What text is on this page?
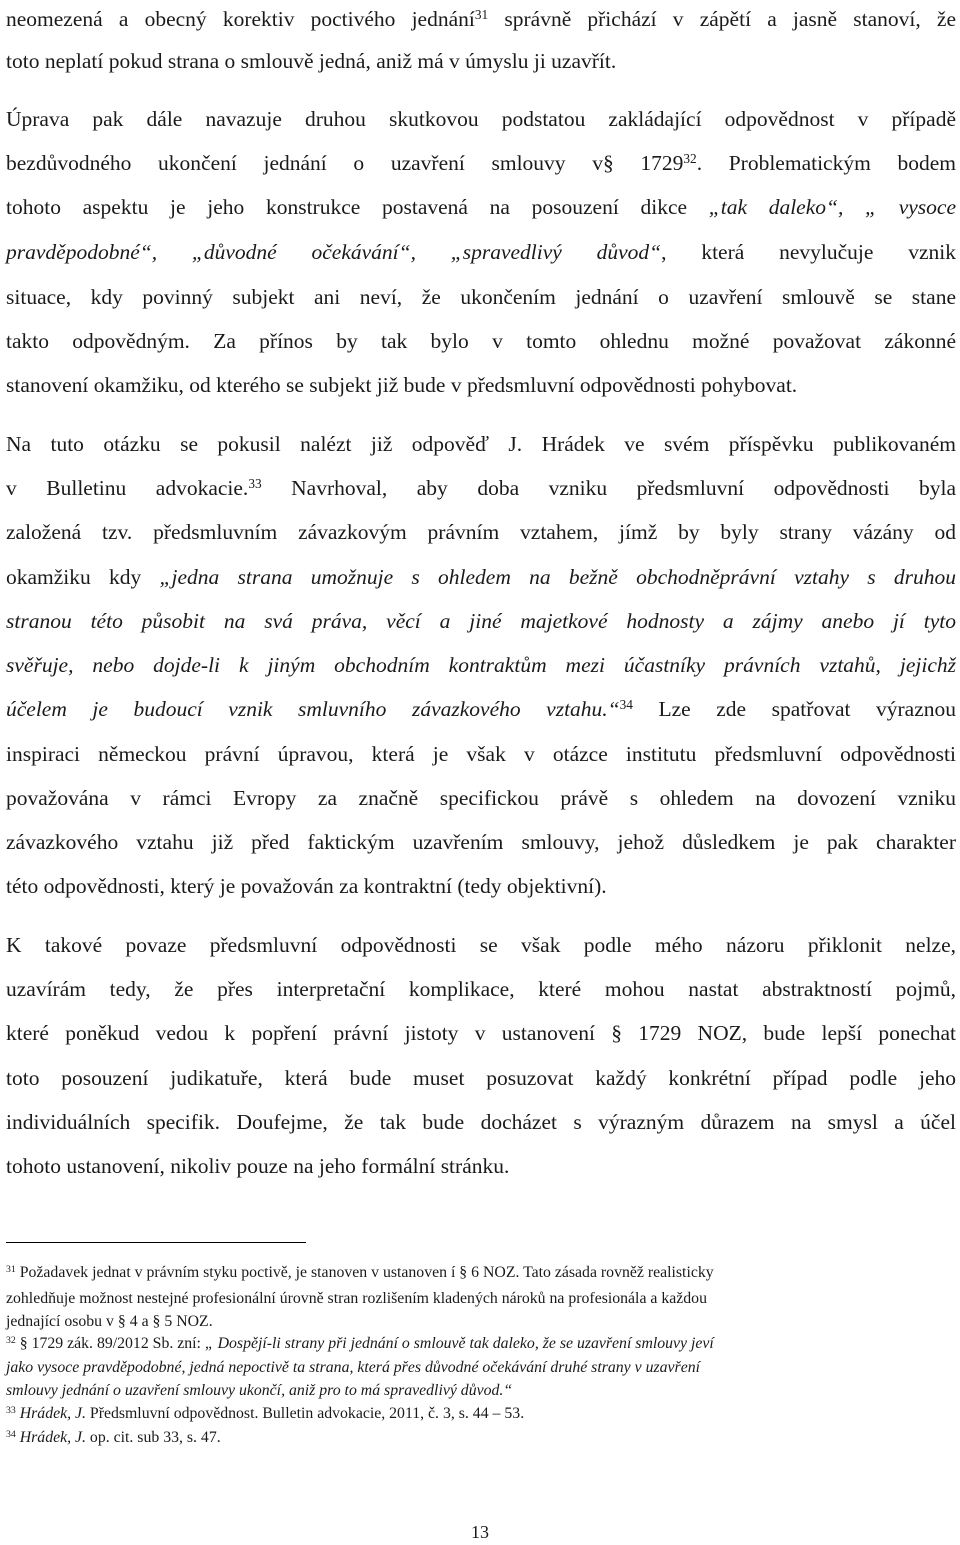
neomezená a obecný korektiv poctivého jednání$^{31}$ správně přichází v zápětí a jasně stanoví, že
toto neplatí pokud strana o smlouvě jedná, aniž má v úmyslu ji uzavřít.
Úprava pak dále navazuje druhou skutkovou podstatou zakládající odpovědnost v případě
bezdůvodného ukončení jednání o uzavření smlouvy v§ 1729$^{32}$. Problematickým bodem
tohoto aspektu je jeho konstrukce postavená na posouzení dikce „tak daleko“, „ vysoce
pravděpodobné“, „důvodné očekávání“, „spravedlivý důvod“, která nevylučuje vznik
situace, kdy povinný subjekt ani neví, že ukončením jednání o uzavření smlouvě se stane
takto odpovědným. Za přínos by tak bylo v tomto ohlednu možné považovat zákonné
stanovení okamžiku, od kterého se subjekt již bude v předsmluvní odpovědnosti pohybovat.
Na tuto otázku se pokusil nalézt již odpověď J. Hrádek ve svém příspěvku publikovaném
v Bulletinu advokacie.$^{33}$ Navrhoval, aby doba vzniku předsmluvní odpovědnosti byla
založená tzv. předsmluvním závazkovým právním vztahem, jímž by byly strany vázány od
okamžiku kdy „jedna strana umožnuje s ohledem na bežně obchodněprávní vztahy s druhou
stranou této působit na svá práva, věcí a jiné majetkové hodnosty a zájmy anebo jí tyto
svěřuje, nebo dojde-li k jiným obchodním kontraktům mezi účastníky právních vztahů, jejichž
účelem je budoucí vznik smluvního závazkového vztahu.“$^{34}$ Lze zde spatřovat výraznou
inspiraci německou právní úpravou, která je však v otázce institutu předsmluvní odpovědnosti
považována v rámci Evropy za značně specifickou právě s ohledem na dovození vzniku
závazkového vztahu již před faktickým uzavřením smlouvy, jehož důsledkem je pak charakter
této odpovědnosti, který je považován za kontraktní (tedy objektivní).
K takové povaze předsmluvní odpovědnosti se však podle mého názoru přiklonit nelze,
uzavírám tedy, že přes interpretační komplikace, které mohou nastat abstraktností pojmů,
které poněkud vedou k popření právní jistoty v ustanovení § 1729 NOZ, bude lepší ponechat
toto posouzení judikatuře, která bude muset posuzovat každý konkrétní případ podle jeho
individuálních specifik. Doufejme, že tak bude docházet s výrazným důrazem na smysl a účel
tohoto ustanovení, nikoliv pouze na jeho formální stránku.
$^{31}$ Požadavek jednat v právním styku poctivě, je stanoven v ustanoven í § 6 NOZ. Tato zásada rovněž realisticky
zohledňuje možnost nestejné profesionální úrovně stran rozlišením kladených nároků na profesionála a každou
jednající osobu v § 4 a § 5 NOZ.
$^{32}$ § 1729 zák. 89/2012 Sb. zní: „ Dospějí-li strany při jednání o smlouvě tak daleko, že se uzavření smlouvy jeví
jako vysoce pravděpodobné, jedná nepoctivě ta strana, která přes důvodné očekávání druhé strany v uzavření
smlouvy jednání o uzavření smlouvy ukončí, aniž pro to má spravedlivý důvod.“
$^{33}$ Hrádek, J. Předsmluvní odpovědnost. Bulletin advokacie, 2011, č. 3, s. 44 – 53.
$^{34}$ Hrádek, J. op. cit. sub 33, s. 47.
13
